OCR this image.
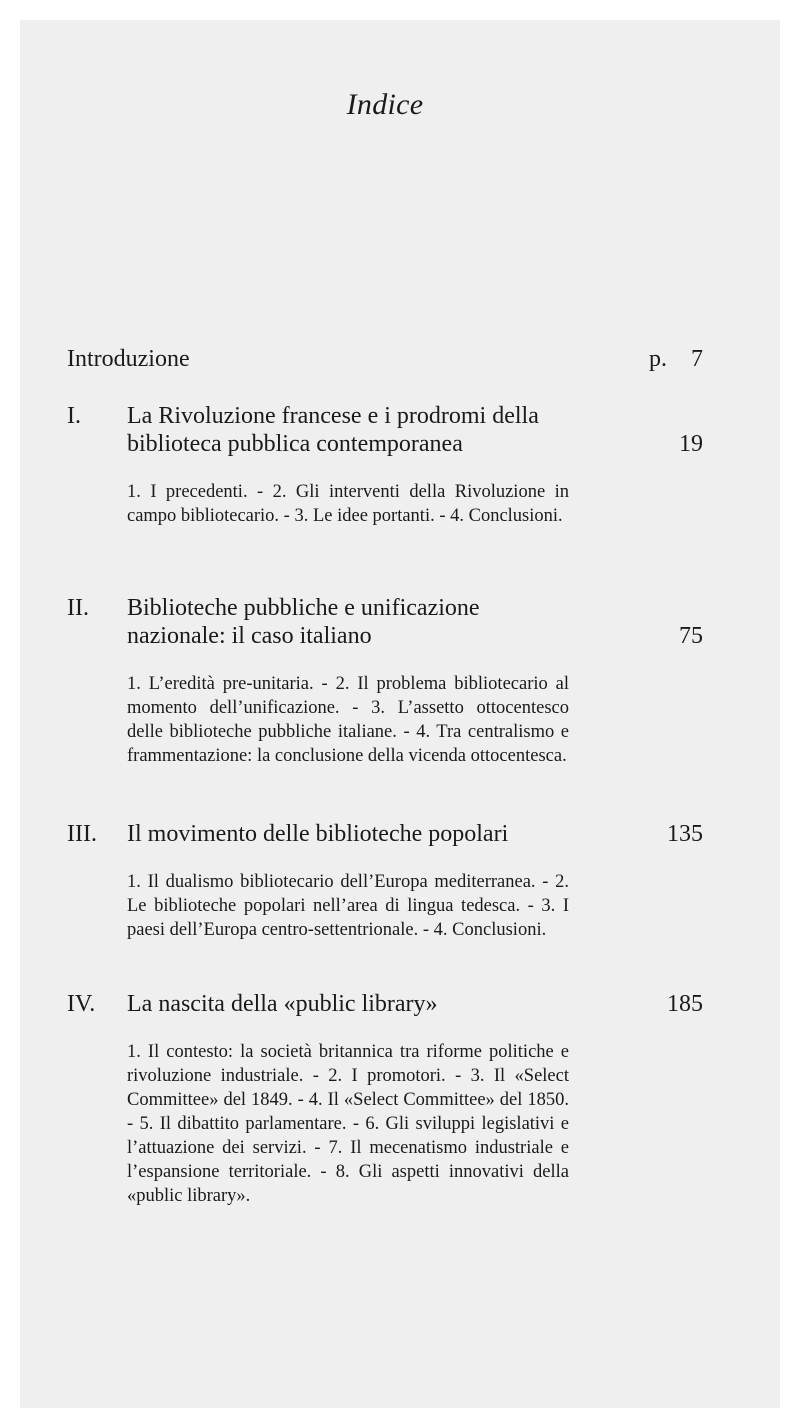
Indice
Introduzione	p. 7
I.	La Rivoluzione francese e i prodromi della biblioteca pubblica contemporanea	19
1. I precedenti. - 2. Gli interventi della Rivoluzione in campo bibliotecario. - 3. Le idee portanti. - 4. Conclusioni.
II.	Biblioteche pubbliche e unificazione nazionale: il caso italiano	75
1. L’eredità pre-unitaria. - 2. Il problema bibliotecario al momento dell’unificazione. - 3. L’assetto ottocentesco delle biblioteche pubbliche italiane. - 4. Tra centralismo e frammentazione: la conclusione della vicenda ottocentesca.
III.	Il movimento delle biblioteche popolari	135
1. Il dualismo bibliotecario dell’Europa mediterranea. - 2. Le biblioteche popolari nell’area di lingua tedesca. - 3. I paesi dell’Europa centro-settentrionale. - 4. Conclusioni.
IV.	La nascita della «public library»	185
1. Il contesto: la società britannica tra riforme politiche e rivoluzione industriale. - 2. I promotori. - 3. Il «Select Committee» del 1849. - 4. Il «Select Committee» del 1850. - 5. Il dibattito parlamentare. - 6. Gli sviluppi legislativi e l’attuazione dei servizi. - 7. Il mecenatismo industriale e l’espansione territoriale. - 8. Gli aspetti innovativi della «public library».
